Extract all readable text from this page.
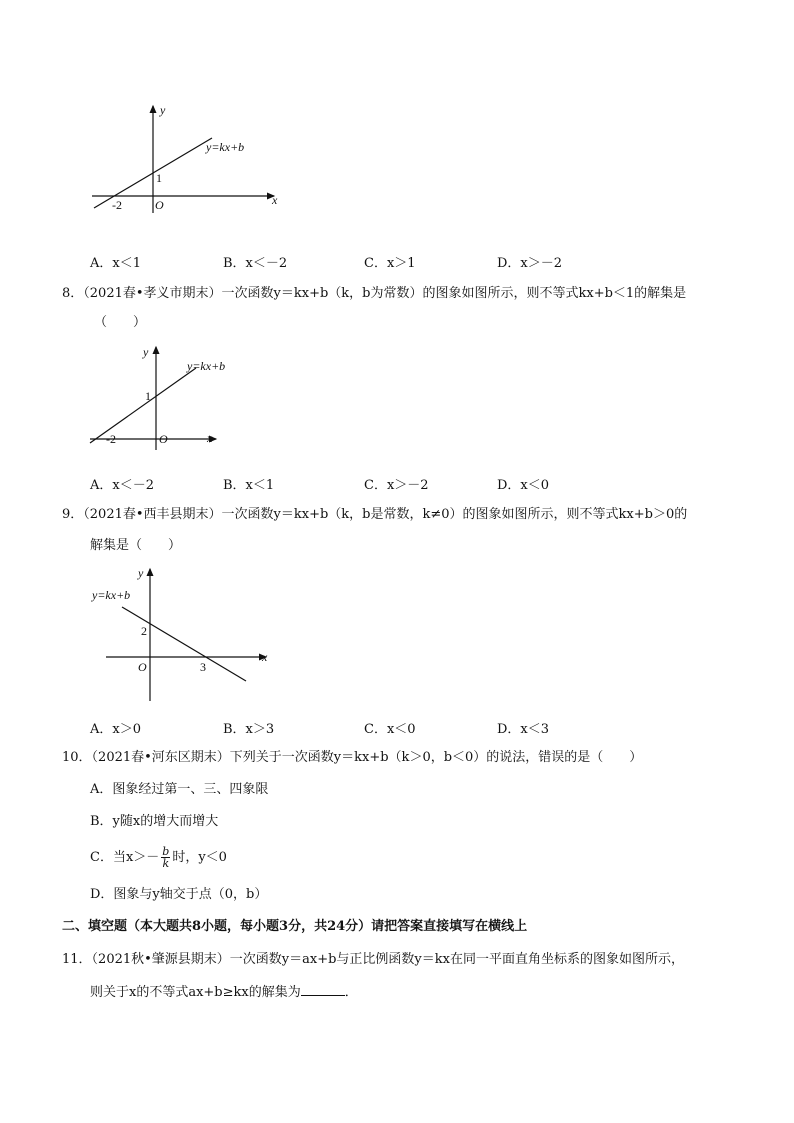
y
x
y=kx+b
1
-2	O
A．x＜1	B．x＜－2	C．x＞1	D．x＞－2
8．（2021春•孝义市期末）一次函数y＝kx+b（k，b为常数）的图象如图所示，则不等式kx+b＜1的解集是
（　　）
y
x
y=kx+b
1
-2	O
A．x＜－2	B．x＜1	C．x＞－2	D．x＜0
9．（2021春•西丰县期末）一次函数y＝kx+b（k，b是常数，k≠0）的图象如图所示，则不等式kx+b＞0的
解集是（　　）
y
x
y=kx+b
2
3
O
A．x＞0	B．x＞3	C．x＜0	D．x＜3
10．（2021春•河东区期末）下列关于一次函数y＝kx+b（k＞0，b＜0）的说法，错误的是（　　）
A．图象经过第一、三、四象限
B．y随x的增大而增大
C．当$x>- \frac{b}{k}$ 时，y＜0
D．图象与y轴交于点（0，b）
二、填空题（本大题共8小题，每小题3分，共24分）请把答案直接填写在横线上
11．（2021秋•肇源县期末）一次函数y＝ax+b与正比例函数y＝kx在同一平面直角坐标系的图象如图所示，
则关于x的不等式ax+b≥kx的解集为	．
